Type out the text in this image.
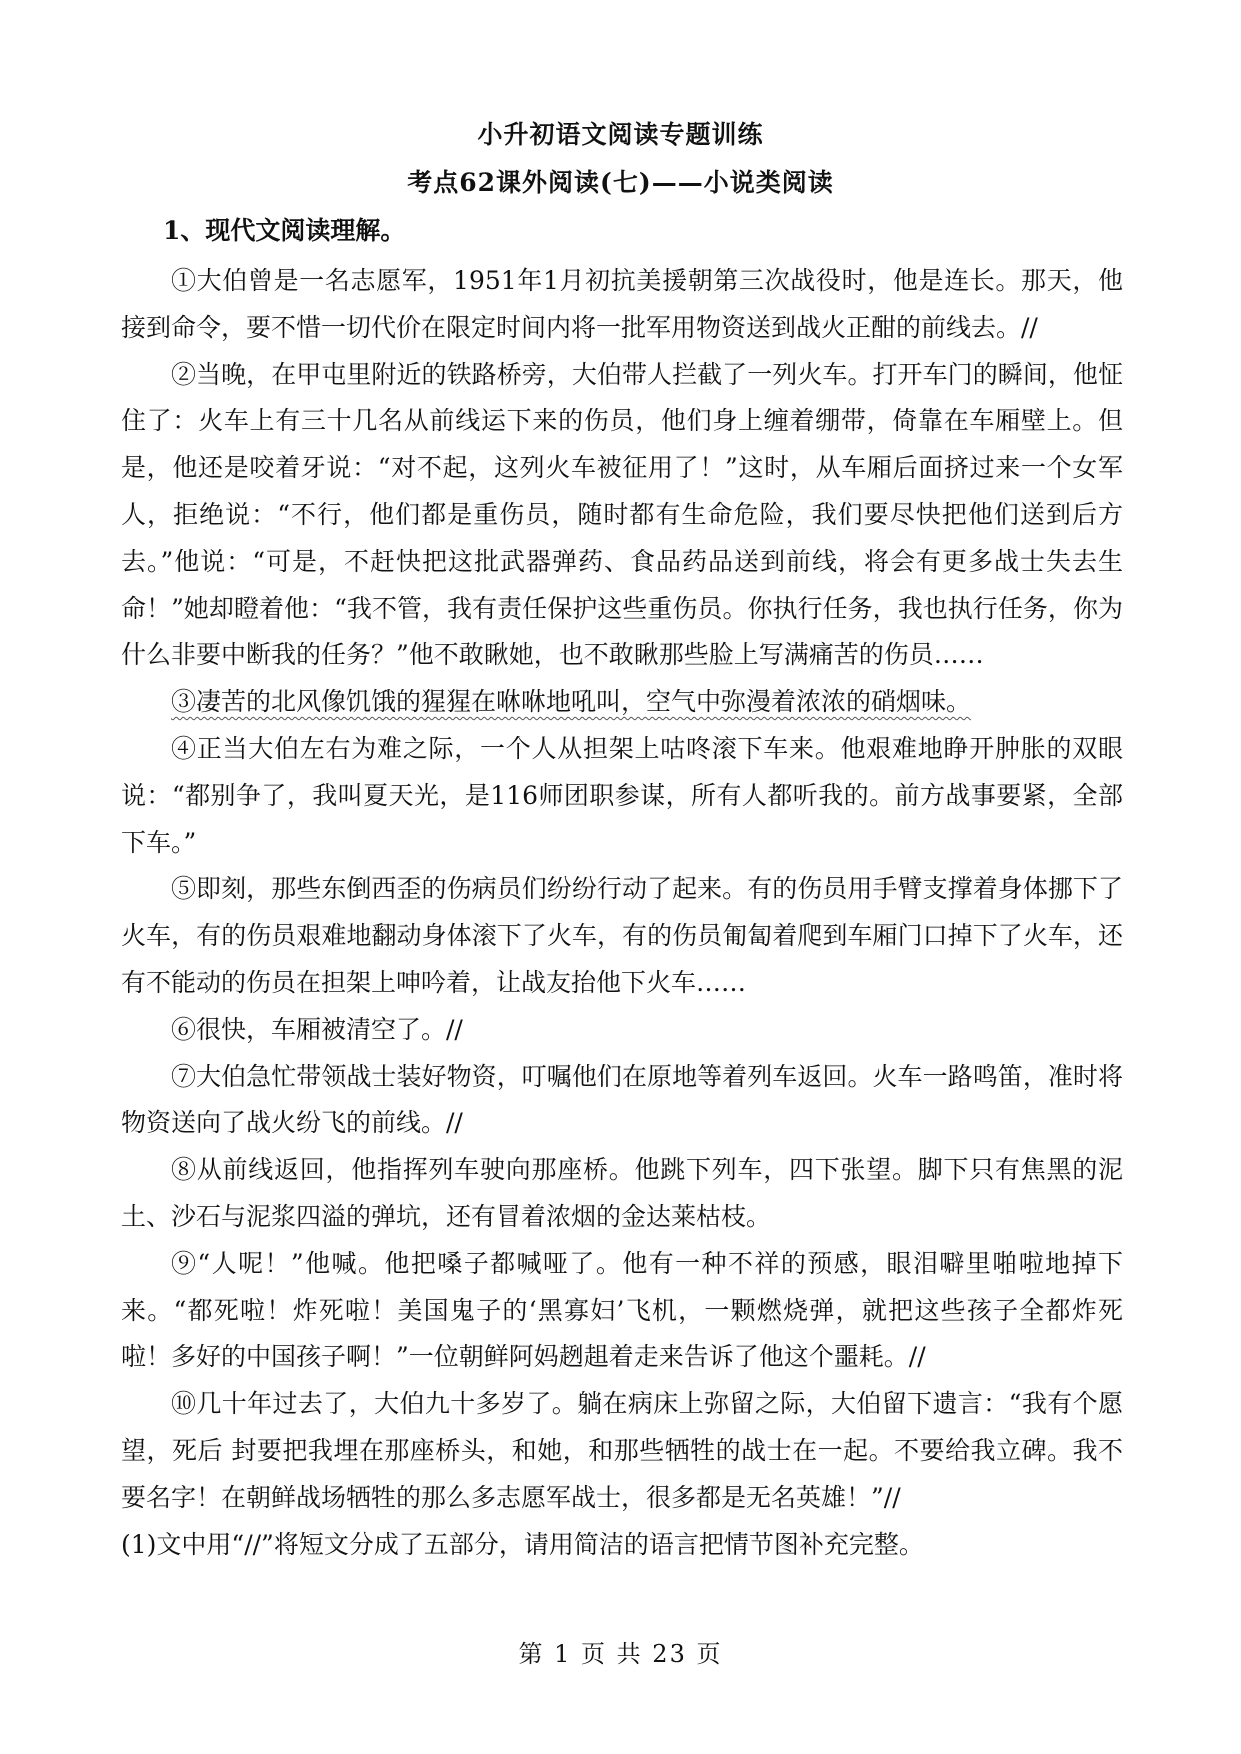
小升初语文阅读专题训练
考点62课外阅读(七)——小说类阅读
1、现代文阅读理解。

①大伯曾是一名志愿军，1951年1月初抗美援朝第三次战役时，他是连长。那天，他接到命令，要不惜一切代价在限定时间内将一批军用物资送到战火正酣的前线去。//

②当晚，在甲屯里附近的铁路桥旁，大伯带人拦截了一列火车。打开车门的瞬间，他怔住了：火车上有三十几名从前线运下来的伤员，他们身上缠着绷带，倚靠在车厢壁上。但是，他还是咬着牙说：“对不起，这列火车被征用了！”这时，从车厢后面挤过来一个女军人，拒绝说：“不行，他们都是重伤员，随时都有生命危险，我们要尽快把他们送到后方去。”他说：“可是，不赶快把这批武器弹药、食品药品送到前线，将会有更多战士失去生命！”她却瞪着他：“我不管，我有责任保护这些重伤员。你执行任务，我也执行任务，你为什么非要中断我的任务？”他不敢瞅她，也不敢瞅那些脸上写满痛苦的伤员……

③凄苦的北风像饥饿的猩猩在咻咻地吼叫，空气中弥漫着浓浓的硝烟味。

④正当大伯左右为难之际，一个人从担架上咕咚滚下车来。他艰难地睁开肿胀的双眼说：“都别争了，我叫夏天光，是116师团职参谋，所有人都听我的。前方战事要紧，全部下车。”

⑤即刻，那些东倒西歪的伤病员们纷纷行动了起来。有的伤员用手臂支撑着身体挪下了火车，有的伤员艰难地翻动身体滚下了火车，有的伤员匍匐着爬到车厢门口掉下了火车，还有不能动的伤员在担架上呻吟着，让战友抬他下火车……

⑥很快，车厢被清空了。//

⑦大伯急忙带领战士装好物资，叮嘱他们在原地等着列车返回。火车一路鸣笛，准时将物资送向了战火纷飞的前线。//

⑧从前线返回，他指挥列车驶向那座桥。他跳下列车，四下张望。脚下只有焦黑的泥土、沙石与泥浆四溢的弹坑，还有冒着浓烟的金达莱枯枝。

⑨“人呢！”他喊。他把嗓子都喊哑了。他有一种不祥的预感，眼泪噼里啪啦地掉下来。“都死啦！炸死啦！美国鬼子的‘黑寡妇’飞机，一颗燃烧弹，就把这些孩子全都炸死啦！多好的中国孩子啊！”一位朝鲜阿妈趔趄着走来告诉了他这个噩耗。//

⑩几十年过去了，大伯九十多岁了。躺在病床上弥留之际，大伯留下遗言：“我有个愿望，死后 封要把我埋在那座桥头，和她，和那些牺牲的战士在一起。不要给我立碑。我不要名字！在朝鲜战场牺牲的那么多志愿军战士，很多都是无名英雄！”//

(1)文中用“//”将短文分成了五部分，请用简洁的语言把情节图补充完整。

第 1 页 共 23 页
